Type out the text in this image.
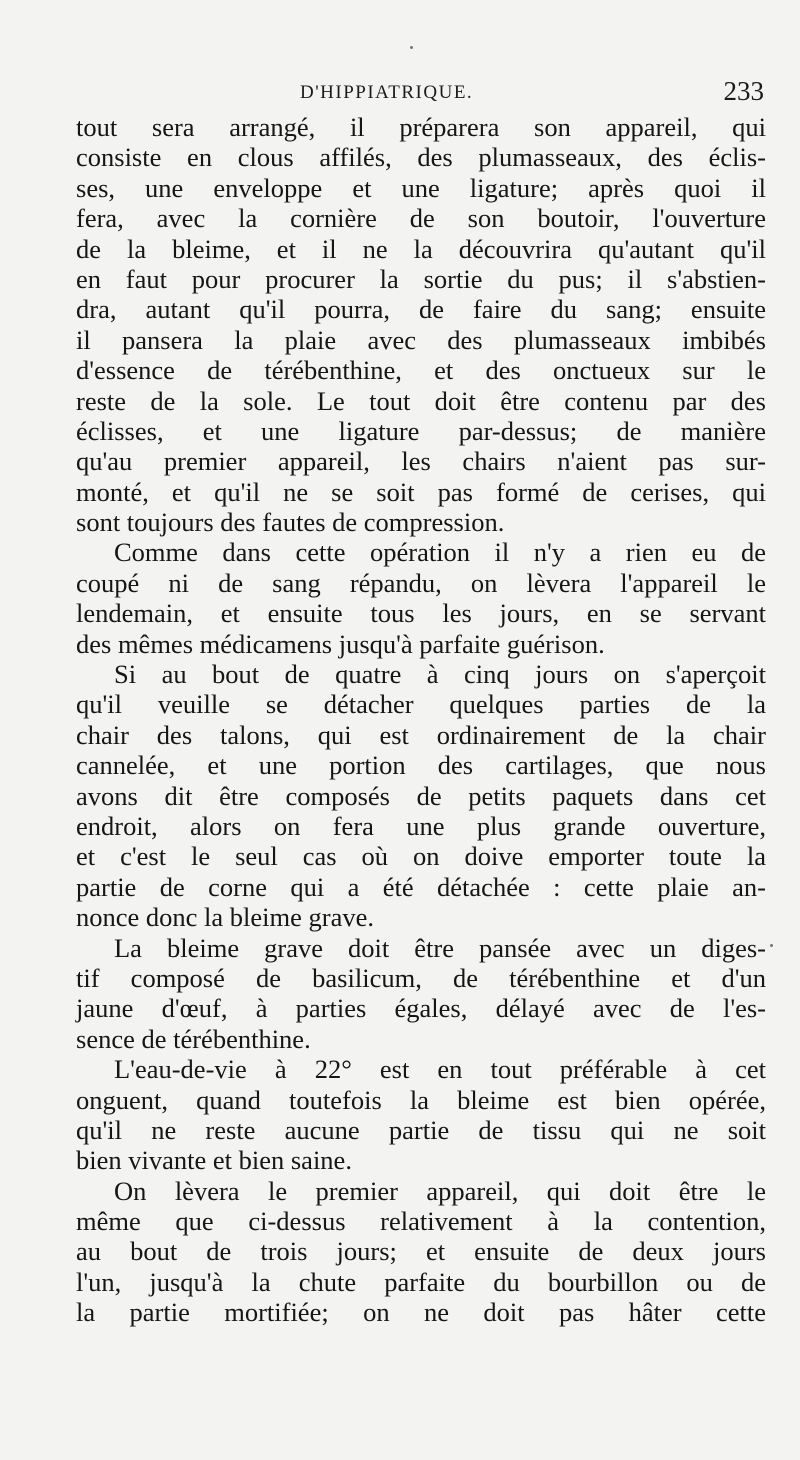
D'HIPPIATRIQUE.	233
tout sera arrangé, il préparera son appareil, qui
consiste en clous affilés, des plumasseaux, des éclis-
ses, une enveloppe et une ligature; après quoi il
fera, avec la cornière de son boutoir, l'ouverture
de la bleime, et il ne la découvrira qu'autant qu'il
en faut pour procurer la sortie du pus; il s'abstien-
dra, autant qu'il pourra, de faire du sang; ensuite
il pansera la plaie avec des plumasseaux imbibés
d'essence de térébenthine, et des onctueux sur le
reste de la sole. Le tout doit être contenu par des
éclisses, et une ligature par-dessus; de manière
qu'au premier appareil, les chairs n'aient pas sur-
monté, et qu'il ne se soit pas formé de cerises, qui
sont toujours des fautes de compression.
Comme dans cette opération il n'y a rien eu de
coupé ni de sang répandu, on lèvera l'appareil le
lendemain, et ensuite tous les jours, en se servant
des mêmes médicamens jusqu'à parfaite guérison.
Si au bout de quatre à cinq jours on s'aperçoit
qu'il veuille se détacher quelques parties de la
chair des talons, qui est ordinairement de la chair
cannelée, et une portion des cartilages, que nous
avons dit être composés de petits paquets dans cet
endroit, alors on fera une plus grande ouverture,
et c'est le seul cas où on doive emporter toute la
partie de corne qui a été détachée : cette plaie an-
nonce donc la bleime grave.
La bleime grave doit être pansée avec un diges-
tif composé de basilicum, de térébenthine et d'un
jaune d'œuf, à parties égales, délayé avec de l'es-
sence de térébenthine.
L'eau-de-vie à 22° est en tout préférable à cet
onguent, quand toutefois la bleime est bien opérée,
qu'il ne reste aucune partie de tissu qui ne soit
bien vivante et bien saine.
On lèvera le premier appareil, qui doit être le
même que ci-dessus relativement à la contention,
au bout de trois jours; et ensuite de deux jours
l'un, jusqu'à la chute parfaite du bourbillon ou de
la partie mortifiée; on ne doit pas hâter cette
